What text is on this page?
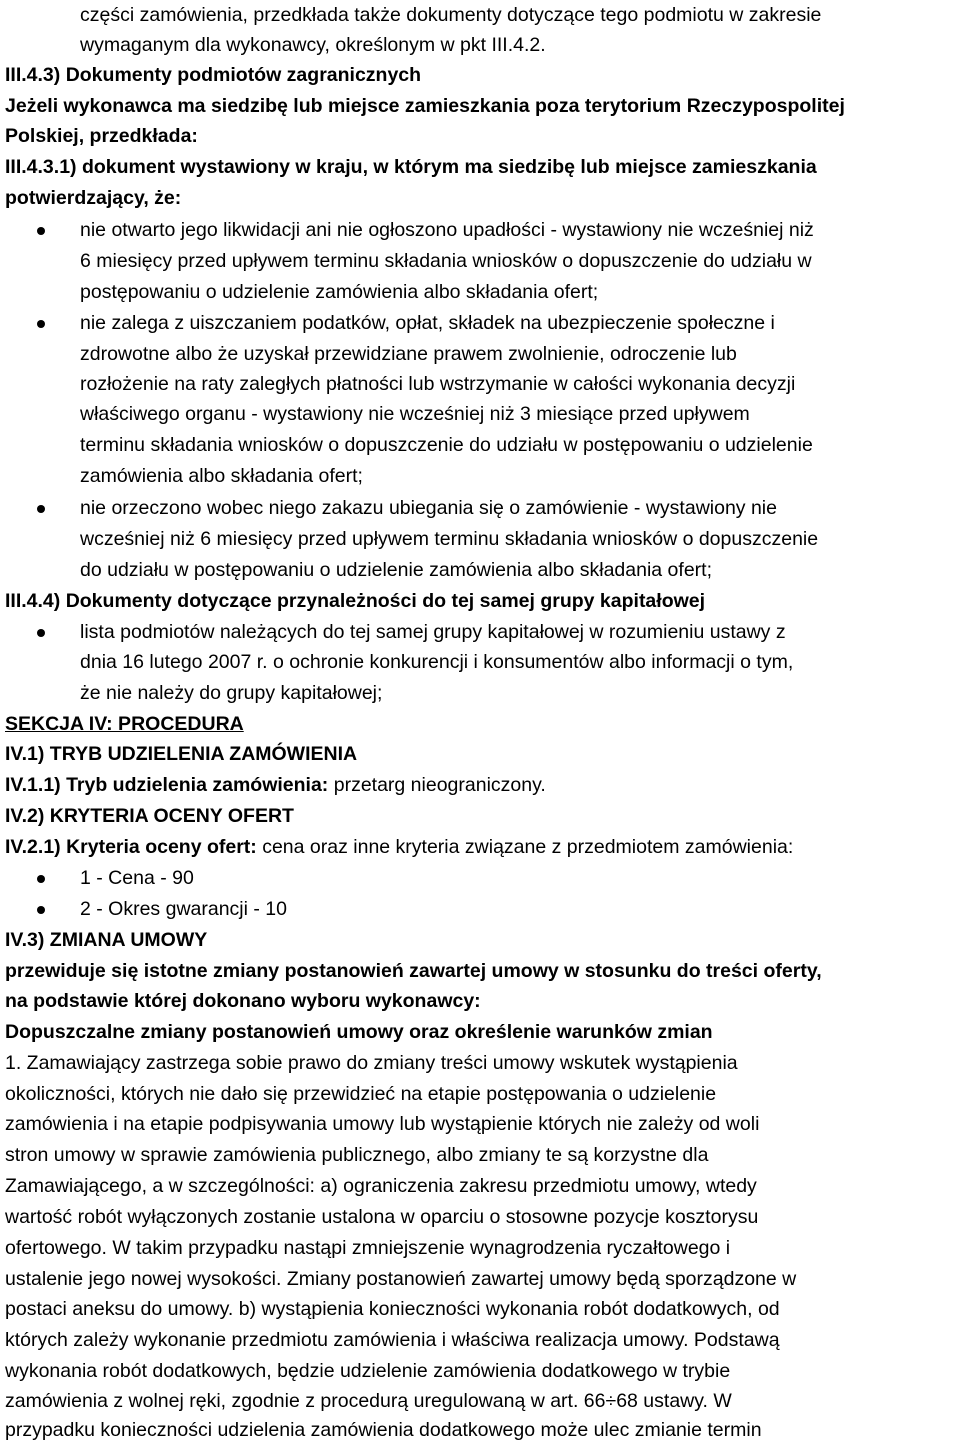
części zamówienia, przedkłada także dokumenty dotyczące tego podmiotu w zakresie

wymaganym dla wykonawcy, określonym w pkt III.4.2.

III.4.3) Dokumenty podmiotów zagranicznych

Jeżeli wykonawca ma siedzibę lub miejsce zamieszkania poza terytorium Rzeczypospolitej

Polskiej, przedkłada:

III.4.3.1) dokument wystawiony w kraju, w którym ma siedzibę lub miejsce zamieszkania

potwierdzający, że:

nie otwarto jego likwidacji ani nie ogłoszono upadłości - wystawiony nie wcześniej niż

6 miesięcy przed upływem terminu składania wniosków o dopuszczenie do udziału w

postępowaniu o udzielenie zamówienia albo składania ofert;

nie zalega z uiszczaniem podatków, opłat, składek na ubezpieczenie społeczne i

zdrowotne albo że uzyskał przewidziane prawem zwolnienie, odroczenie lub

rozłożenie na raty zaległych płatności lub wstrzymanie w całości wykonania decyzji

właściwego organu - wystawiony nie wcześniej niż 3 miesiące przed upływem

terminu składania wniosków o dopuszczenie do udziału w postępowaniu o udzielenie

zamówienia albo składania ofert;

nie orzeczono wobec niego zakazu ubiegania się o zamówienie - wystawiony nie

wcześniej niż 6 miesięcy przed upływem terminu składania wniosków o dopuszczenie

do udziału w postępowaniu o udzielenie zamówienia albo składania ofert;

III.4.4) Dokumenty dotyczące przynależności do tej samej grupy kapitałowej

lista podmiotów należących do tej samej grupy kapitałowej w rozumieniu ustawy z

dnia 16 lutego 2007 r. o ochronie konkurencji i konsumentów albo informacji o tym,

że nie należy do grupy kapitałowej;

SEKCJA IV: PROCEDURA

IV.1) TRYB UDZIELENIA ZAMÓWIENIA

IV.1.1) Tryb udzielenia zamówienia: przetarg nieograniczony.

IV.2) KRYTERIA OCENY OFERT

IV.2.1) Kryteria oceny ofert: cena oraz inne kryteria związane z przedmiotem zamówienia:

1 - Cena - 90

2 - Okres gwarancji - 10

IV.3) ZMIANA UMOWY

przewiduje się istotne zmiany postanowień zawartej umowy w stosunku do treści oferty,

na podstawie której dokonano wyboru wykonawcy:

Dopuszczalne zmiany postanowień umowy oraz określenie warunków zmian

1. Zamawiający zastrzega sobie prawo do zmiany treści umowy wskutek wystąpienia

okoliczności, których nie dało się przewidzieć na etapie postępowania o udzielenie

zamówienia i na etapie podpisywania umowy lub wystąpienie których nie zależy od woli

stron umowy w sprawie zamówienia publicznego, albo zmiany te są korzystne dla

Zamawiającego, a w szczególności: a) ograniczenia zakresu przedmiotu umowy, wtedy

wartość robót wyłączonych zostanie ustalona w oparciu o stosowne pozycje kosztorysu

ofertowego. W takim przypadku nastąpi zmniejszenie wynagrodzenia ryczałtowego i

ustalenie jego nowej wysokości. Zmiany postanowień zawartej umowy będą sporządzone w

postaci aneksu do umowy. b) wystąpienia konieczności wykonania robót dodatkowych, od

których zależy wykonanie przedmiotu zamówienia i właściwa realizacja umowy. Podstawą

wykonania robót dodatkowych, będzie udzielenie zamówienia dodatkowego w trybie

zamówienia z wolnej ręki, zgodnie z procedurą uregulowaną w art. 66÷68 ustawy. W

przypadku konieczności udzielenia zamówienia dodatkowego może ulec zmianie termin
